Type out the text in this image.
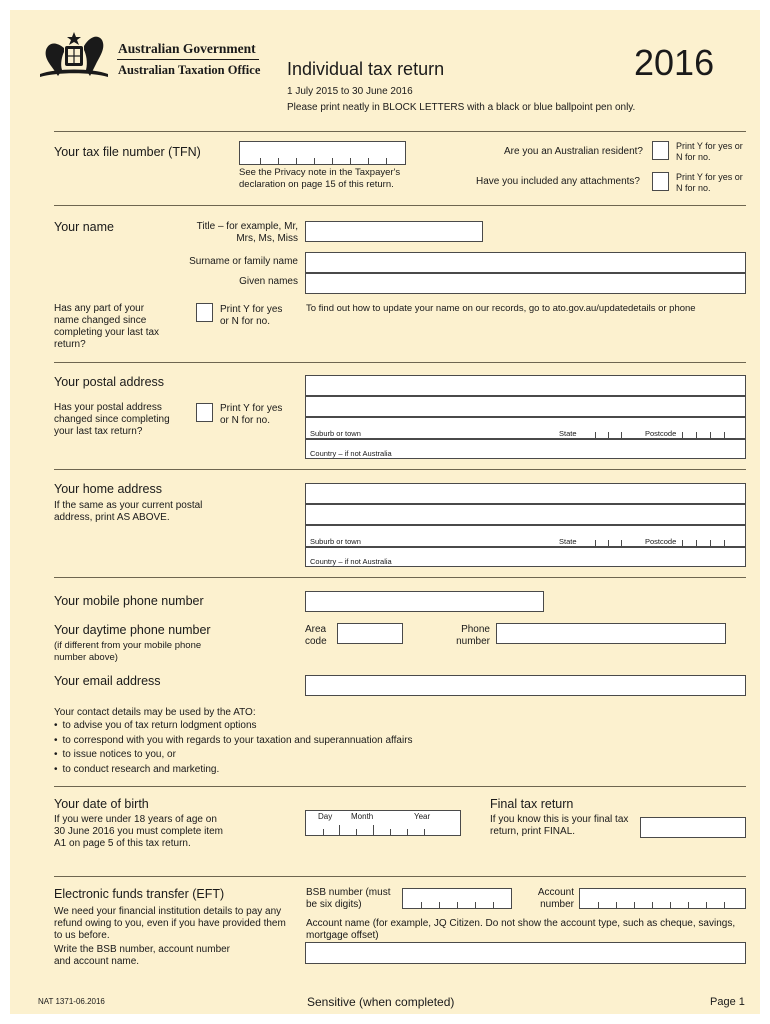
Australian Government
Australian Taxation Office Individual tax return	2016
1 July 2015 to 30 June 2016
Please print neatly in BLOCK LETTERS with a black or blue ballpoint pen only.
Your tax file number (TFN)
See the Privacy note in the Taxpayer's declaration on page 15 of this return.
Are you an Australian resident?	Print Y for yes or N for no.
Have you included any attachments?	Print Y for yes or N for no.
Your name	Title – for example, Mr, Mrs, Ms, Miss
Surname or family name
Given names
Has any part of your name changed since completing your last tax return?
Print Y for yes or N for no.
To find out how to update your name on our records, go to ato.gov.au/updatedetails or phone
Your postal address
Has your postal address changed since completing your last tax return?
Print Y for yes or N for no.
Suburb or town	State	Postcode
Country – if not Australia
Your home address
If the same as your current postal address, print AS ABOVE.
Suburb or town	State	Postcode
Country – if not Australia
Your mobile phone number
Your daytime phone number
(if different from your mobile phone number above)
Area code
Phone number
Your email address
Your contact details may be used by the ATO:
• to advise you of tax return lodgment options
• to correspond with you with regards to your taxation and superannuation affairs
• to issue notices to you, or
• to conduct research and marketing.
Your date of birth
If you were under 18 years of age on 30 June 2016 you must complete item A1 on page 5 of this tax return.
Day Month	Year
Final tax return
If you know this is your final tax return, print FINAL.
Electronic funds transfer (EFT)
We need your financial institution details to pay any refund owing to you, even if you have provided them to us before.
Write the BSB number, account number and account name.
BSB number (must be six digits)
Account number
Account name (for example, JQ Citizen. Do not show the account type, such as cheque, savings, mortgage offset)
NAT 1371-06.2016	Sensitive (when completed)	Page 1
